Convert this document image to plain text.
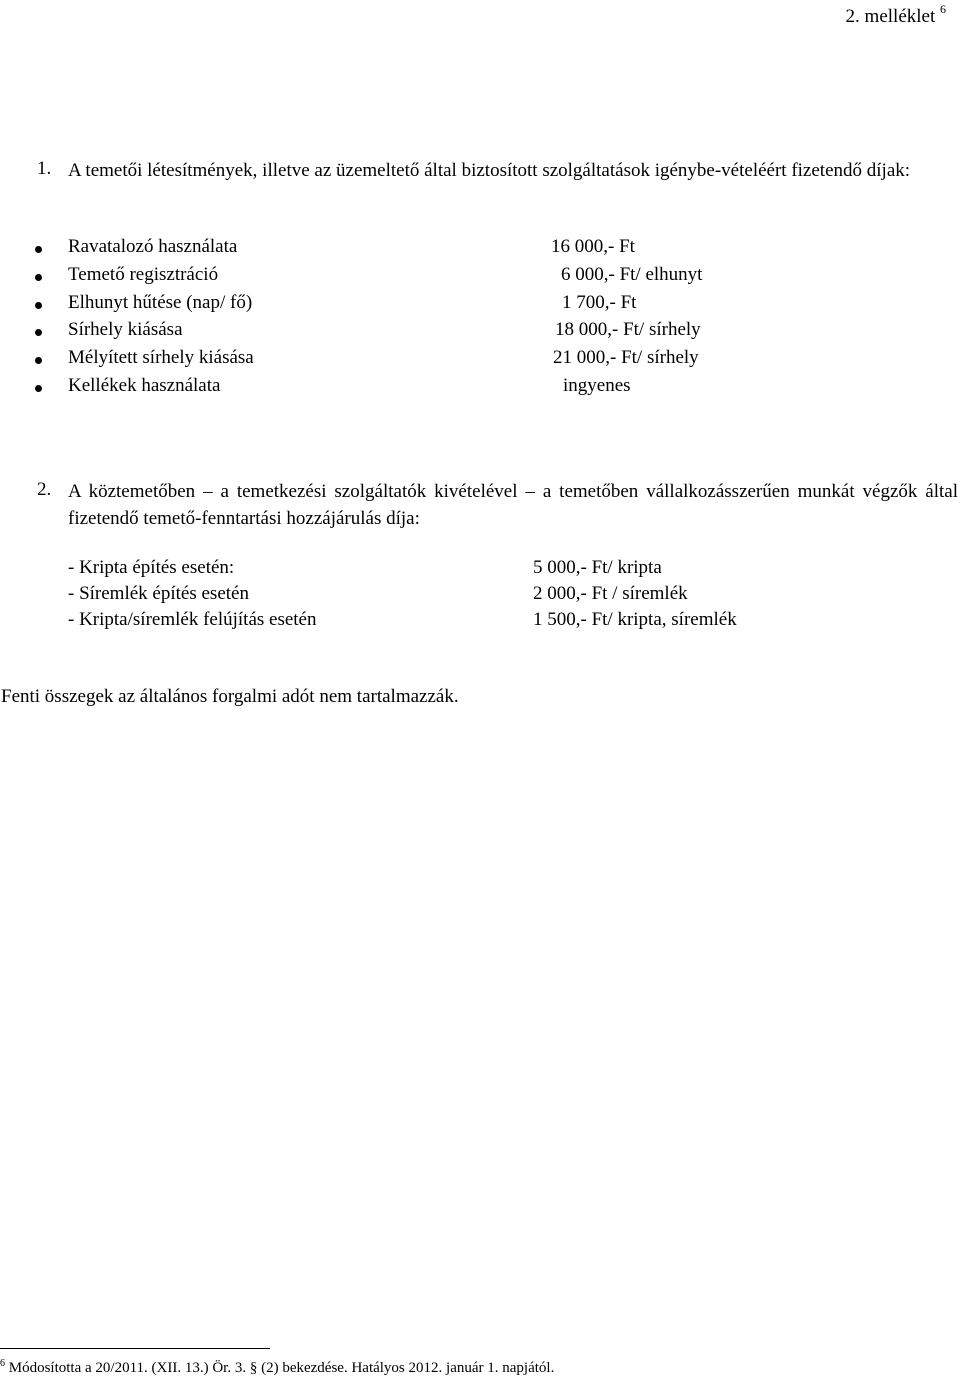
2. melléklet $^6$
1. A temetői létesítmények, illetve az üzemeltető által biztosított szolgáltatások igénybe-vételéért fizetendő díjak:
Ravatalozó használata	16 000,- Ft
Temető regisztráció	6 000,- Ft/ elhunyt
Elhunyt hűtése (nap/ fő)	1 700,- Ft
Sírhely kiásása	18 000,- Ft/ sírhely
Mélyített sírhely kiásása	21 000,- Ft/ sírhely
Kellékek használata	ingyenes
2. A köztemetőben – a temetkezési szolgáltatók kivételével – a temetőben vállalkozásszerűen munkát végzők által fizetendő temető-fenntartási hozzájárulás díja:
- Kripta építés esetén:	5 000,- Ft/ kripta
- Síremlék építés esetén	2 000,- Ft / síremlék
- Kripta/síremlék felújítás esetén	1 500,- Ft/ kripta, síremlék
Fenti összegek az általános forgalmi adót nem tartalmazzák.
$^6$ Módosította a 20/2011. (XII. 13.) Ör. 3. § (2) bekezdése. Hatályos 2012. január 1. napjától.
